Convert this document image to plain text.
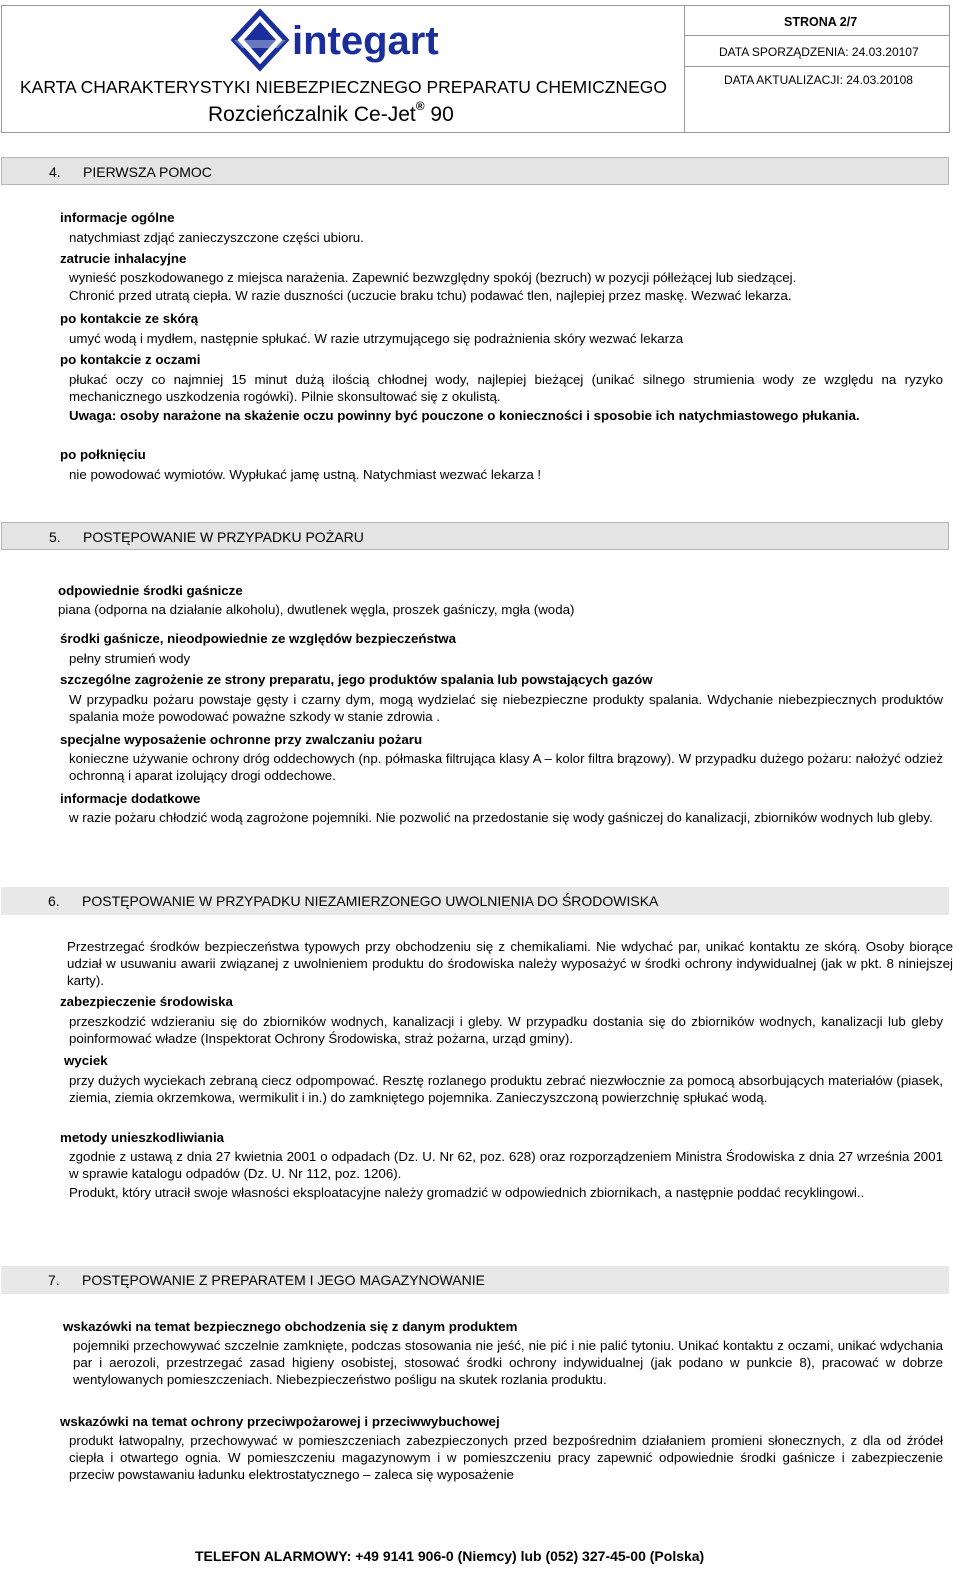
integart
KARTA CHARAKTERYSTYKI NIEBEZPIECZNEGO PREPARATU CHEMICZNEGO
Rozcieńczalnik Ce-Jet® 90
STRONA 2/7
DATA SPORZĄDZENIA: 24.03.20107
DATA AKTUALIZACJI: 24.03.20108
4. PIERWSZA POMOC
informacje ogólne
natychmiast zdjąć zanieczyszczone części ubioru.
zatrucie inhalacyjne
wynieść poszkodowanego z miejsca narażenia. Zapewnić bezwzględny spokój (bezruch) w pozycji półleżącej lub siedzącej.
Chronić przed utratą ciepła. W razie duszności (uczucie braku tchu) podawać tlen, najlepiej przez maskę. Wezwać lekarza.
po kontakcie ze skórą
umyć wodą i mydłem, następnie spłukać. W razie utrzymującego się podrażnienia skóry wezwać lekarza
po kontakcie z oczami
płukać oczy co najmniej 15 minut dużą ilością chłodnej wody, najlepiej bieżącej (unikać silnego strumienia wody ze względu na ryzyko mechanicznego uszkodzenia rogówki). Pilnie skonsultować się z okulistą.
Uwaga: osoby narażone na skażenie oczu powinny być pouczone o konieczności i sposobie ich natychmiastowego płukania.
po połknięciu
nie powodować wymiotów. Wypłukać jamę ustną. Natychmiast wezwać lekarza !
5. POSTĘPOWANIE W PRZYPADKU POŻARU
odpowiednie środki gaśnicze
piana (odporna na działanie alkoholu), dwutlenek węgla, proszek gaśniczy, mgła (woda)
środki gaśnicze, nieodpowiednie ze względów bezpieczeństwa
pełny strumień wody
szczególne zagrożenie ze strony preparatu, jego produktów spalania lub powstających gazów
W przypadku pożaru powstaje gęsty i czarny dym, mogą wydzielać się niebezpieczne produkty spalania. Wdychanie niebezpiecznych produktów spalania może powodować poważne szkody w stanie zdrowia .
specjalne wyposażenie ochronne przy zwalczaniu pożaru
konieczne używanie ochrony dróg oddechowych (np. półmaska filtrująca klasy A – kolor filtra brązowy). W przypadku dużego pożaru: nałożyć odzież ochronną i aparat izolujący drogi oddechowe.
informacje dodatkowe
w razie pożaru chłodzić wodą zagrożone pojemniki. Nie pozwolić na przedostanie się wody gaśniczej do kanalizacji, zbiorników wodnych lub gleby.
6. POSTĘPOWANIE W PRZYPADKU NIEZAMIERZONEGO UWOLNIENIA DO ŚRODOWISKA
Przestrzegać środków bezpieczeństwa typowych przy obchodzeniu się z chemikaliami. Nie wdychać par, unikać kontaktu ze skórą. Osoby biorące udział w usuwaniu awarii związanej z uwolnieniem produktu do środowiska należy wyposażyć w środki ochrony indywidualnej (jak w pkt. 8 niniejszej karty).
zabezpieczenie środowiska
przeszkodzić wdzieraniu się do zbiorników wodnych, kanalizacji i gleby. W przypadku dostania się do zbiorników wodnych, kanalizacji lub gleby poinformować władze (Inspektorat Ochrony Środowiska, straż pożarna, urząd gminy).
wyciek
przy dużych wyciekach zebraną ciecz odpompować. Resztę rozlanego produktu zebrać niezwłocznie za pomocą absorbujących materiałów (piasek, ziemia, ziemia okrzemkowa, wermikulit i in.) do zamkniętego pojemnika. Zanieczyszczoną powierzchnię spłukać wodą.
metody unieszkodliwiania
zgodnie z ustawą z dnia 27 kwietnia 2001 o odpadach (Dz. U. Nr 62, poz. 628) oraz rozporządzeniem Ministra Środowiska z dnia 27 września 2001 w sprawie katalogu odpadów (Dz. U. Nr 112, poz. 1206).
Produkt, który utracił swoje własności eksploatacyjne należy gromadzić w odpowiednich zbiornikach, a następnie poddać recyklingowi..
7. POSTĘPOWANIE Z PREPARATEM I JEGO MAGAZYNOWANIE
wskazówki na temat bezpiecznego obchodzenia się z danym produktem
pojemniki przechowywać szczelnie zamknięte, podczas stosowania nie jeść, nie pić i nie palić tytoniu. Unikać kontaktu z oczami, unikać wdychania par i aerozoli, przestrzegać zasad higieny osobistej, stosować środki ochrony indywidualnej (jak podano w punkcie 8), pracować w dobrze wentylowanych pomieszczeniach. Niebezpieczeństwo pośligu na skutek rozlania produktu.
wskazówki na temat ochrony przeciwpożarowej i przeciwwybuchowej
produkt łatwopalny, przechowywać w pomieszczeniach zabezpieczonych przed bezpośrednim działaniem promieni słonecznych, z dla od źródeł ciepła i otwartego ognia. W pomieszczeniu magazynowym i w pomieszczeniu pracy zapewnić odpowiednie środki gaśnicze i zabezpieczenie przeciw powstawaniu ładunku elektrostatycznego – zaleca się wyposażenie
TELEFON ALARMOWY: +49 9141 906-0 (Niemcy) lub (052) 327-45-00 (Polska)
